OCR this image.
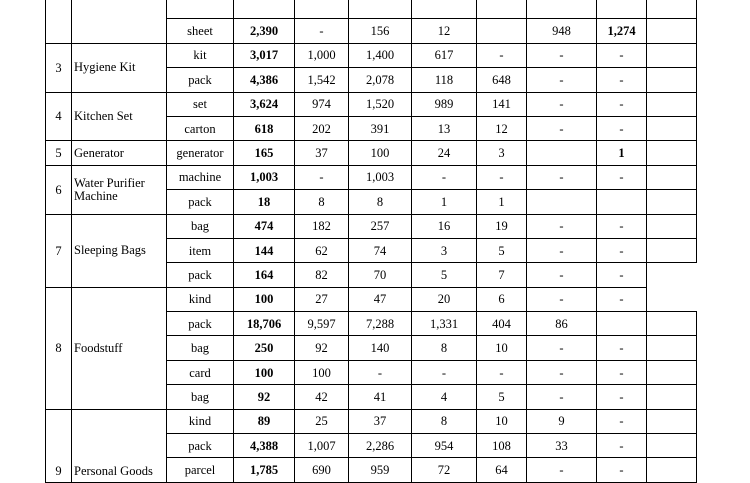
		sheet	2,390	-	156	12		948	1,274	
3	Hygiene Kit	kit	3,017	1,000	1,400	617	-	-	-	
		pack	4,386	1,542	2,078	118	648	-	-	
4	Kitchen Set	set	3,624	974	1,520	989	141	-	-	
		carton	618	202	391	13	12	-	-	
5	Generator	generator	165	37	100	24	3		1	
6	Water Purifier Machine	machine	1,003	-	1,003	-	-	-	-	
		pack	18	8	8	1	1			
7	Sleeping Bags	bag	474	182	257	16	19	-	-	
		item	144	62	74	3	5	-	-	
		pack	164	82	70	5	7	-	-	
8	Foodstuff	kind	100	27	47	20	6	-	-	
		pack	18,706	9,597	7,288	1,331	404	86		
		bag	250	92	140	8	10	-	-	
		card	100	100	-	-	-	-	-	
		bag	92	42	41	4	5	-	-	
9	Personal Goods	kind	89	25	37	8	10	9	-	
		pack	4,388	1,007	2,286	954	108	33	-	
		parcel	1,785	690	959	72	64	-	-	
